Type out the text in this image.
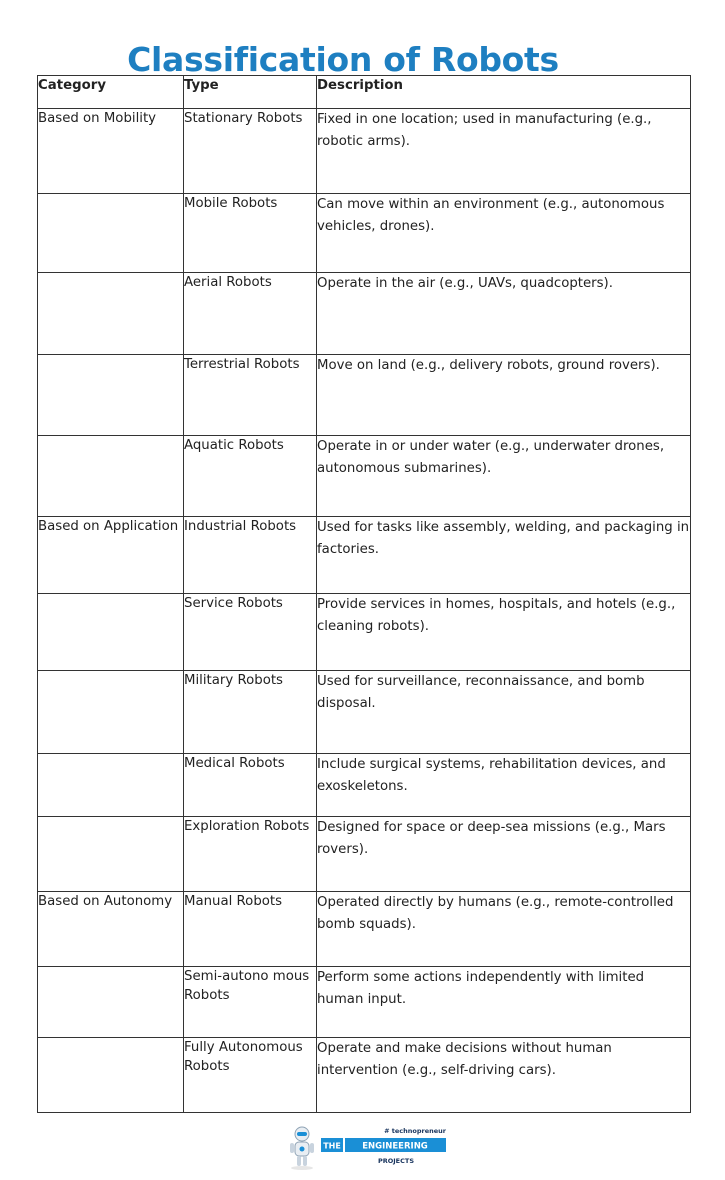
Classification of Robots
Category	Type	Description
Based on Mobility	Stationary Robots	Fixed in one location; used in manufacturing (e.g., robotic arms).
	Mobile Robots	Can move within an environment (e.g., autonomous vehicles, drones).
	Aerial Robots	Operate in the air (e.g., UAVs, quadcopters).
	Terrestrial Robots	Move on land (e.g., delivery robots, ground rovers).
	Aquatic Robots	Operate in or under water (e.g., underwater drones, autonomous submarines).
Based on Application	Industrial Robots	Used for tasks like assembly, welding, and packaging in factories.
	Service Robots	Provide services in homes, hospitals, and hotels (e.g., cleaning robots).
	Military Robots	Used for surveillance, reconnaissance, and bomb disposal.
	Medical Robots	Include surgical systems, rehabilitation devices, and exoskeletons.
	Exploration Robots	Designed for space or deep-sea missions (e.g., Mars rovers).
Based on Autonomy	Manual Robots	Operated directly by humans (e.g., remote-controlled bomb squads).
	Semi-autono mous Robots	Perform some actions independently with limited human input.
	Fully Autonomous Robots	Operate and make decisions without human intervention (e.g., self-driving cars).
# technopreneur
THE	ENGINEERING
PROJECTS
